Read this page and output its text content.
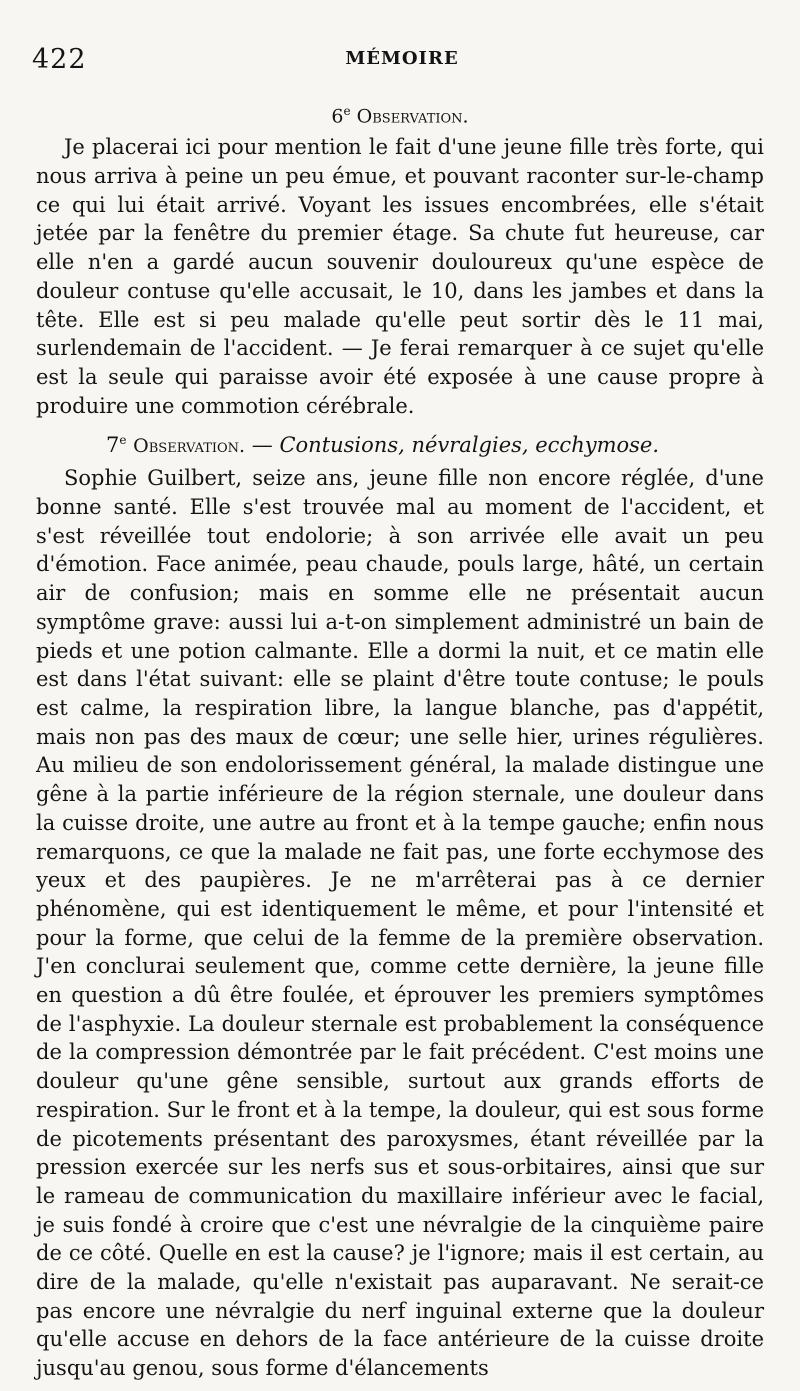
422	MÉMOIRE

6e Observation.

Je placerai ici pour mention le fait d'une jeune fille très forte, qui nous arriva à peine un peu émue, et pouvant raconter sur-le-champ ce qui lui était arrivé. Voyant les issues encombrées, elle s'était jetée par la fenêtre du premier étage. Sa chute fut heureuse, car elle n'en a gardé aucun souvenir douloureux qu'une espèce de douleur contuse qu'elle accusait, le 10, dans les jambes et dans la tête. Elle est si peu malade qu'elle peut sortir dès le 11 mai, surlendemain de l'accident. — Je ferai remarquer à ce sujet qu'elle est la seule qui paraisse avoir été exposée à une cause propre à produire une commotion cérébrale.

7e Observation. — Contusions, névralgies, ecchymose.

Sophie Guilbert, seize ans, jeune fille non encore réglée, d'une bonne santé. Elle s'est trouvée mal au moment de l'accident, et s'est réveillée tout endolorie; à son arrivée elle avait un peu d'émotion. Face animée, peau chaude, pouls large, hâté, un certain air de confusion; mais en somme elle ne présentait aucun symptôme grave: aussi lui a-t-on simplement administré un bain de pieds et une potion calmante. Elle a dormi la nuit, et ce matin elle est dans l'état suivant: elle se plaint d'être toute contuse; le pouls est calme, la respiration libre, la langue blanche, pas d'appétit, mais non pas des maux de cœur; une selle hier, urines régulières. Au milieu de son endolorissement général, la malade distingue une gêne à la partie inférieure de la région sternale, une douleur dans la cuisse droite, une autre au front et à la tempe gauche; enfin nous remarquons, ce que la malade ne fait pas, une forte ecchymose des yeux et des paupières. Je ne m'arrêterai pas à ce dernier phénomène, qui est identiquement le même, et pour l'intensité et pour la forme, que celui de la femme de la première observation. J'en conclurai seulement que, comme cette dernière, la jeune fille en question a dû être foulée, et éprouver les premiers symptômes de l'asphyxie. La douleur sternale est probablement la conséquence de la compression démontrée par le fait précédent. C'est moins une douleur qu'une gêne sensible, surtout aux grands efforts de respiration. Sur le front et à la tempe, la douleur, qui est sous forme de picotements présentant des paroxysmes, étant réveillée par la pression exercée sur les nerfs sus et sous-orbitaires, ainsi que sur le rameau de communication du maxillaire inférieur avec le facial, je suis fondé à croire que c'est une névralgie de la cinquième paire de ce côté. Quelle en est la cause? je l'ignore; mais il est certain, au dire de la malade, qu'elle n'existait pas auparavant. Ne serait-ce pas encore une névralgie du nerf inguinal externe que la douleur qu'elle accuse en dehors de la face antérieure de la cuisse droite jusqu'au genou, sous forme d'élancements
